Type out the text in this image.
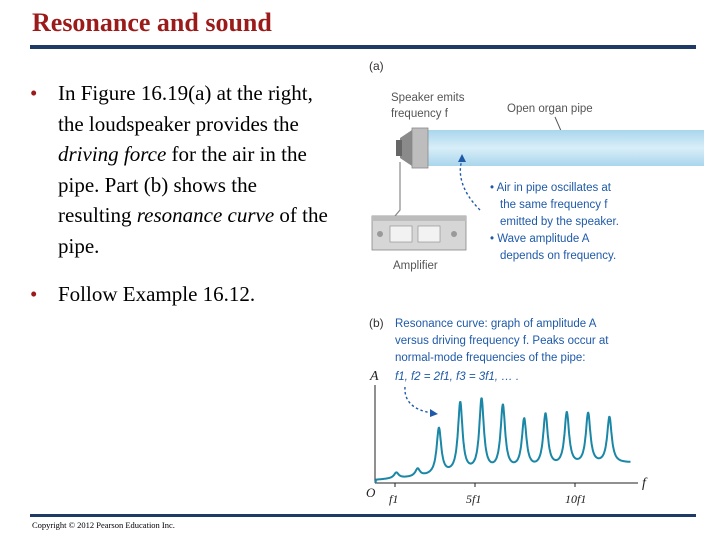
Resonance and sound
• In Figure 16.19(a) at the right, the loudspeaker provides the driving force for the air in the pipe. Part (b) shows the resulting resonance curve of the pipe.
• Follow Example 16.12.
(a)
Speaker emits
frequency f	Open organ pipe
Amplifier
• Air in pipe oscillates at
the same frequency f
emitted by the speaker.
• Wave amplitude A
depends on frequency.
(b) Resonance curve: graph of amplitude A
versus driving frequency f. Peaks occur at
normal-mode frequencies of the pipe:
f1, f2 = 2f1, f3 = 3f1, … .
A
f
O f1	5f1	10f1
Copyright © 2012 Pearson Education Inc.
